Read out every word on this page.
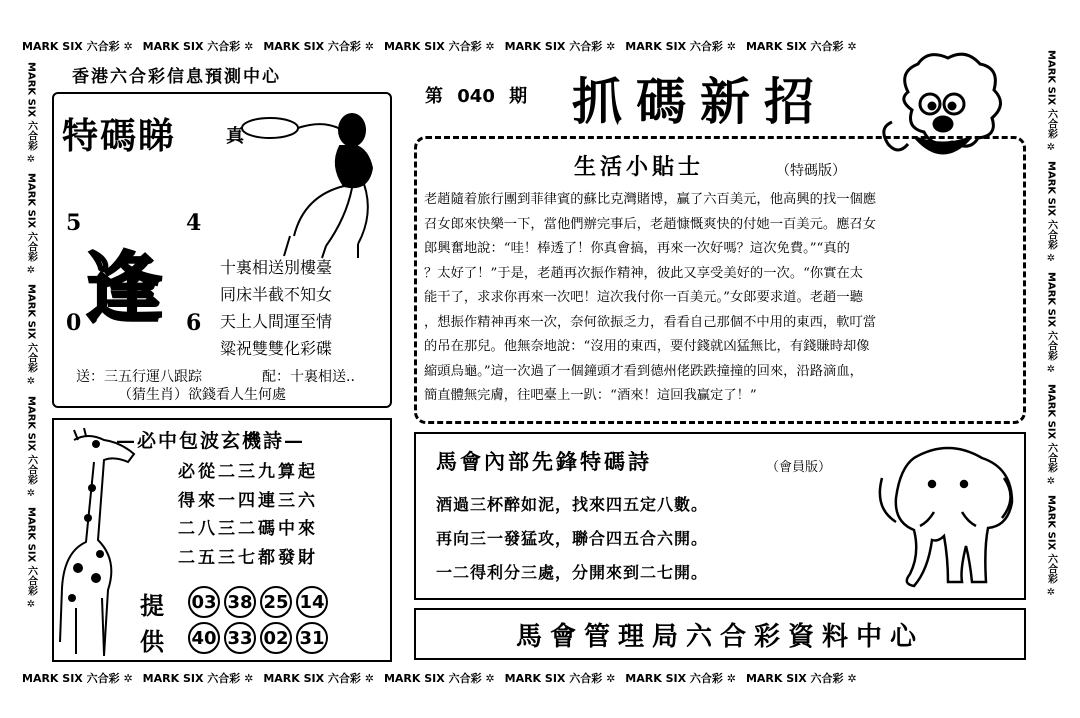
MARK SIX 六合彩 ✲ MARK SIX 六合彩 ✲ MARK SIX 六合彩 ✲ MARK SIX 六合彩 ✲ MARK SIX 六合彩 ✲ MARK SIX 六合彩 ✲ MARK SIX 六合彩 ✲
MARK SIX 六合彩 ✲ MARK SIX 六合彩 ✲ MARK SIX 六合彩 ✲ MARK SIX 六合彩 ✲ MARK SIX 六合彩 ✲ MARK SIX 六合彩 ✲ MARK SIX 六合彩 ✲
MARK SIX 六合彩 ✲
MARK SIX 六合彩 ✲
MARK SIX 六合彩 ✲
MARK SIX 六合彩 ✲
MARK SIX 六合彩 ✲
MARK SIX 六合彩 ✲
MARK SIX 六合彩 ✲
MARK SIX 六合彩 ✲
MARK SIX 六合彩 ✲
MARK SIX 六合彩 ✲
香港六合彩信息預測中心
第 040 期 抓碼新招
特碼睇	真
5	4
0	6
逢	十裏相送別樓臺
同床半截不知女
天上人間運至情
粱祝雙雙化彩碟
送：三五行運八跟踪	配：十裏相送..
（猜生肖）欲錢看人生何處
生活小貼士	（特碼版）
老趙隨着旅行團到菲律賓的蘇比克灣賭博，贏了六百美元，他高興的找一個應
召女郎來快樂一下，當他們辦完事后，老趙慷慨爽快的付她一百美元。應召女
郎興奮地說：“哇！棒透了！你真會搞，再來一次好嗎？這次免費。”“真的
？太好了！”于是，老趙再次振作精神，彼此又享受美好的一次。“你實在太
能干了，求求你再來一次吧！這次我付你一百美元。”女郎要求道。老趙一聽
，想振作精神再來一次，奈何欲振乏力，看看自己那個不中用的東西，軟叮當
的吊在那兒。他無奈地說：“沒用的東西，要付錢就凶猛無比，有錢賺時却像
縮頭烏龜。”這一次過了一個鐘頭才看到德州佬跌跌撞撞的回來，沿路滴血，
簡直體無完膚，往吧臺上一趴：“酒來！這回我贏定了！”
—必中包波玄機詩—
必從二三九算起
得來一四連三六
二八三二碼中來
二五三七都發財
提
供
03 38 25 14
40 33 02 31
馬會內部先鋒特碼詩	（會員版）
酒過三杯醉如泥，找來四五定八數。
再向三一發猛攻，聯合四五合六開。
一二得利分三處，分開來到二七開。
馬會管理局六合彩資料中心
